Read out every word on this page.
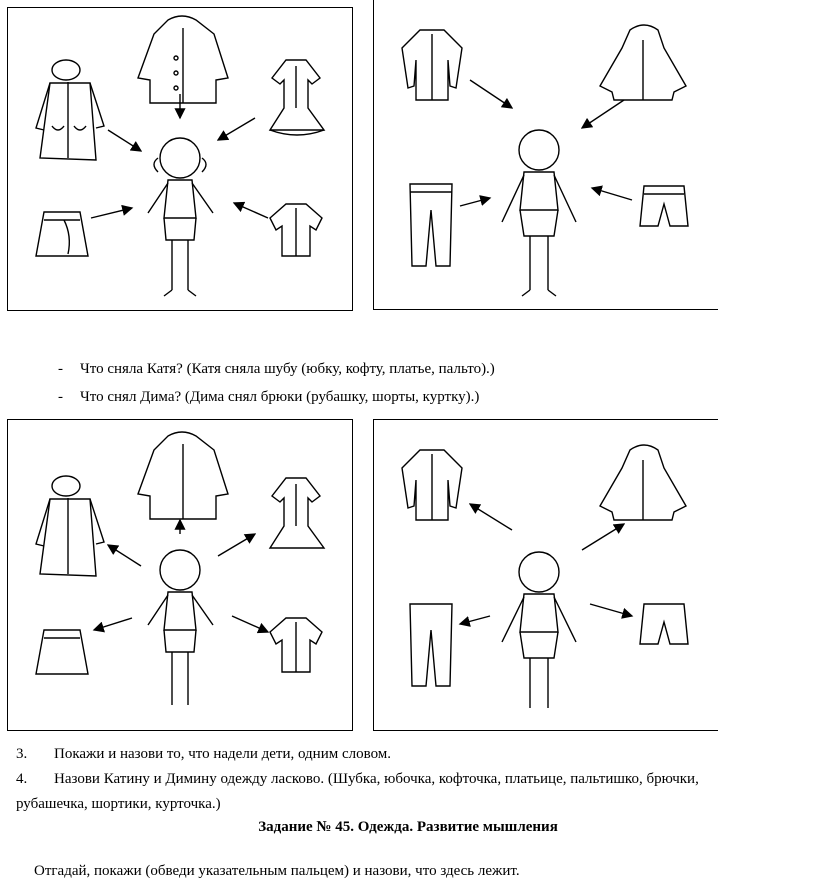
- Что сняла Катя? (Катя сняла шубу (юбку, кофту, платье, пальто).)
- Что снял Дима? (Дима снял брюки (рубашку, шорты, куртку).)
3. Покажи и назови то, что надели дети, одним словом.
4. Назови Катину и Димину одежду ласково. (Шубка, юбочка, кофточка, платьице, пальтишко, брючки,
рубашечка, шортики, курточка.)
Задание № 45. Одежда. Развитие мышления
Отгадай, покажи (обведи указательным пальцем) и назови, что здесь лежит.
